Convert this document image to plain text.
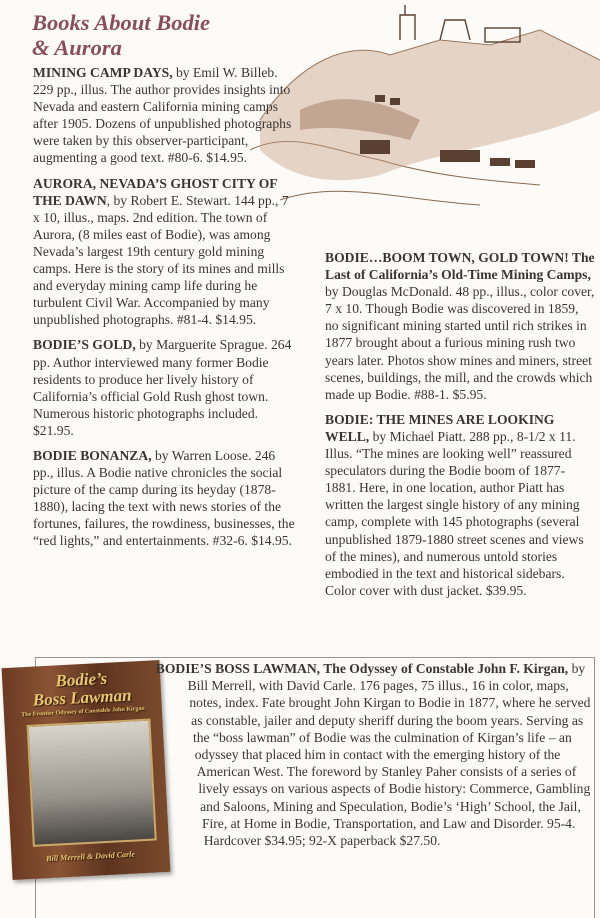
Books About Bodie
& Aurora

MINING CAMP DAYS, by Emil W. Billeb. 229 pp., illus. The author provides insights into Nevada and eastern California mining camps after 1905. Dozens of unpublished photographs were taken by this observer-participant, augmenting a good text. #80-6. $14.95.

AURORA, NEVADA’S GHOST CITY OF THE DAWN, by Robert E. Stewart. 144 pp., 7 x 10, illus., maps. 2nd edition. The town of Aurora, (8 miles east of Bodie), was among Nevada’s largest 19th century gold mining camps. Here is the story of its mines and mills and everyday mining camp life during he turbulent Civil War. Accompanied by many unpublished photographs. #81-4. $14.95.

BODIE’S GOLD, by Marguerite Sprague. 264 pp. Author interviewed many former Bodie residents to produce her lively history of California’s official Gold Rush ghost town. Numerous historic photographs included. $21.95.

BODIE BONANZA, by Warren Loose. 246 pp., illus. A Bodie native chronicles the social picture of the camp during its heyday (1878-1880), lacing the text with news stories of the fortunes, failures, the rowdiness, businesses, the “red lights,” and entertainments. #32-6. $14.95.

BODIE…BOOM TOWN, GOLD TOWN! The Last of California’s Old-Time Mining Camps, by Douglas McDonald. 48 pp., illus., color cover, 7 x 10. Though Bodie was discovered in 1859, no significant mining started until rich strikes in 1877 brought about a furious mining rush two years later. Photos show mines and miners, street scenes, buildings, the mill, and the crowds which made up Bodie. #88-1. $5.95.

BODIE: THE MINES ARE LOOKING WELL, by Michael Piatt. 288 pp., 8-1/2 x 11. Illus. “The mines are looking well” reassured speculators during the Bodie boom of 1877-1881. Here, in one location, author Piatt has written the largest single history of any mining camp, complete with 145 photographs (several unpublished 1879-1880 street scenes and views of the mines), and numerous untold stories embodied in the text and historical sidebars. Color cover with dust jacket. $39.95.

Bodie’s
Boss Lawman
The Frontier Odyssey of Constable John Kirgan
Bill Merrell & David Carle
BODIE’S BOSS LAWMAN, The Odyssey of Constable John F. Kirgan, by Bill Merrell, with David Carle. 176 pages, 75 illus., 16 in color, maps, notes, index. Fate brought John Kirgan to Bodie in 1877, where he served as constable, jailer and deputy sheriff during the boom years. Serving as the “boss lawman” of Bodie was the culmination of Kirgan’s life – an odyssey that placed him in contact with the emerging history of the American West. The foreword by Stanley Paher consists of a series of lively essays on various aspects of Bodie history: Commerce, Gambling and Saloons, Mining and Speculation, Bodie’s ‘High’ School, the Jail, Fire, at Home in Bodie, Transportation, and Law and Disorder. 95-4. Hardcover $34.95; 92-X paperback $27.50.
